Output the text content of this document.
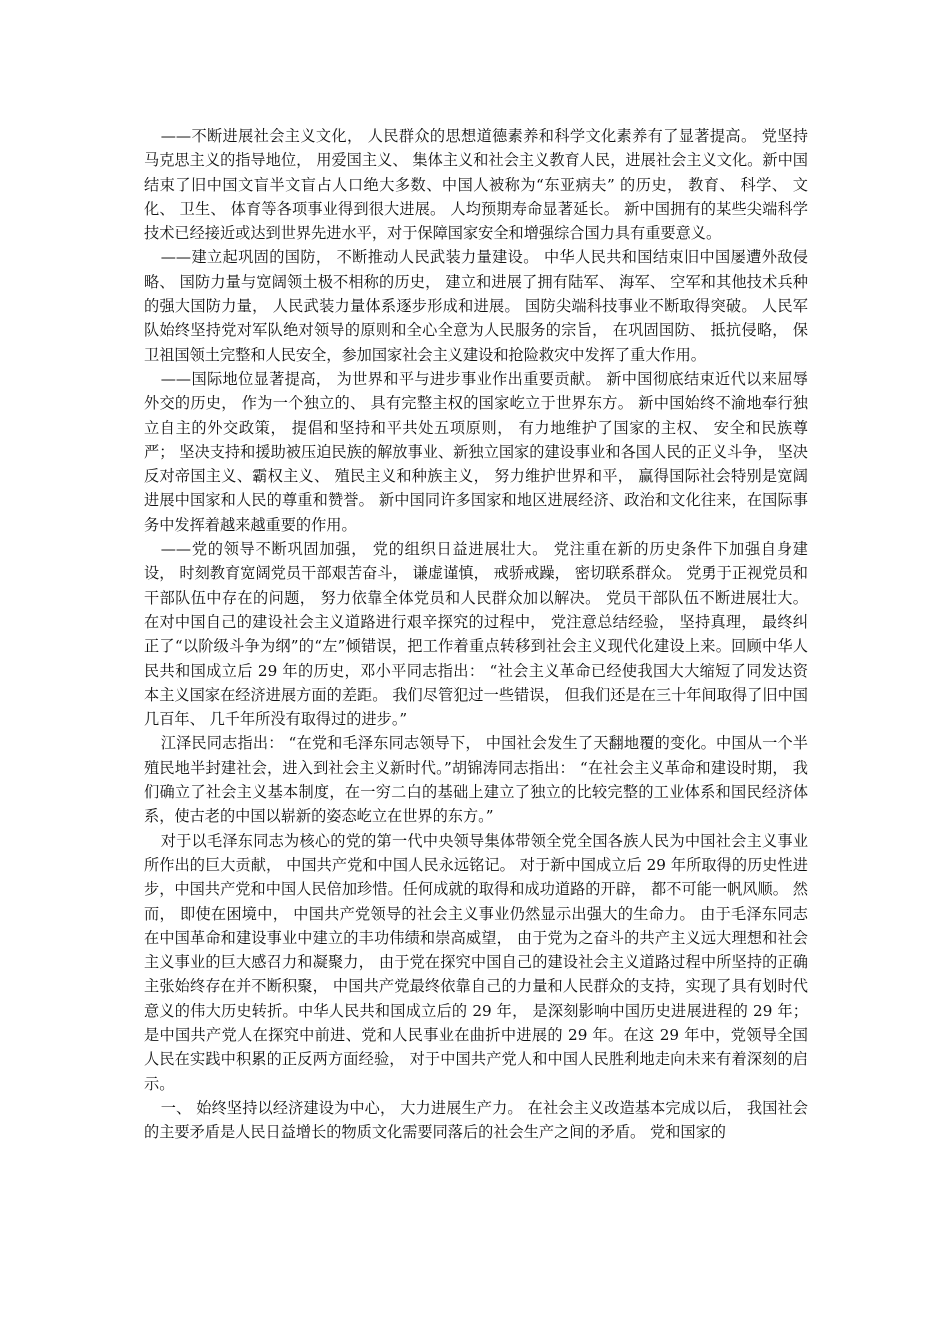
——不断进展社会主义文化， 人民群众的思想道德素养和科学文化素养有了显著提高。 党坚持马克思主义的指导地位， 用爱国主义、 集体主义和社会主义教育人民，进展社会主义文化。新中国结束了旧中国文盲半文盲占人口绝大多数、中国人被称为“东亚病夫” 的历史， 教育、 科学、 文化、 卫生、 体育等各项事业得到很大进展。 人均预期寿命显著延长。 新中国拥有的某些尖端科学技术已经接近或达到世界先进水平，对于保障国家安全和增强综合国力具有重要意义。

——建立起巩固的国防， 不断推动人民武装力量建设。 中华人民共和国结束旧中国屡遭外敌侵略、 国防力量与宽阔领土极不相称的历史， 建立和进展了拥有陆军、 海军、 空军和其他技术兵种的强大国防力量， 人民武装力量体系逐步形成和进展。 国防尖端科技事业不断取得突破。 人民军队始终坚持党对军队绝对领导的原则和全心全意为人民服务的宗旨， 在巩固国防、 抵抗侵略， 保卫祖国领土完整和人民安全，参加国家社会主义建设和抢险救灾中发挥了重大作用。

——国际地位显著提高， 为世界和平与进步事业作出重要贡献。 新中国彻底结束近代以来屈辱外交的历史， 作为一个独立的、 具有完整主权的国家屹立于世界东方。 新中国始终不渝地奉行独立自主的外交政策， 提倡和坚持和平共处五项原则， 有力地维护了国家的主权、 安全和民族尊严； 坚决支持和援助被压迫民族的解放事业、新独立国家的建设事业和各国人民的正义斗争， 坚决反对帝国主义、霸权主义、 殖民主义和种族主义， 努力维护世界和平， 赢得国际社会特别是宽阔进展中国家和人民的尊重和赞誉。 新中国同许多国家和地区进展经济、政治和文化往来，在国际事务中发挥着越来越重要的作用。

——党的领导不断巩固加强， 党的组织日益进展壮大。 党注重在新的历史条件下加强自身建设， 时刻教育宽阔党员干部艰苦奋斗， 谦虚谨慎， 戒骄戒躁， 密切联系群众。 党勇于正视党员和干部队伍中存在的问题， 努力依靠全体党员和人民群众加以解决。 党员干部队伍不断进展壮大。 在对中国自己的建设社会主义道路进行艰辛探究的过程中， 党注意总结经验， 坚持真理， 最终纠正了“以阶级斗争为纲”的“左”倾错误，把工作着重点转移到社会主义现代化建设上来。回顾中华人民共和国成立后 29 年的历史，邓小平同志指出： “社会主义革命已经使我国大大缩短了同发达资本主义国家在经济进展方面的差距。 我们尽管犯过一些错误， 但我们还是在三十年间取得了旧中国几百年、 几千年所没有取得过的进步。”

江泽民同志指出： “在党和毛泽东同志领导下， 中国社会发生了天翻地覆的变化。中国从一个半殖民地半封建社会，进入到社会主义新时代。”胡锦涛同志指出： “在社会主义革命和建设时期， 我们确立了社会主义基本制度，在一穷二白的基础上建立了独立的比较完整的工业体系和国民经济体系，使古老的中国以崭新的姿态屹立在世界的东方。”

对于以毛泽东同志为核心的党的第一代中央领导集体带领全党全国各族人民为中国社会主义事业所作出的巨大贡献， 中国共产党和中国人民永远铭记。 对于新中国成立后 29 年所取得的历史性进步，中国共产党和中国人民倍加珍惜。任何成就的取得和成功道路的开辟， 都不可能一帆风顺。 然而， 即使在困境中， 中国共产党领导的社会主义事业仍然显示出强大的生命力。 由于毛泽东同志在中国革命和建设事业中建立的丰功伟绩和崇高威望， 由于党为之奋斗的共产主义远大理想和社会主义事业的巨大感召力和凝聚力， 由于党在探究中国自己的建设社会主义道路过程中所坚持的正确主张始终存在并不断积聚， 中国共产党最终依靠自己的力量和人民群众的支持，实现了具有划时代意义的伟大历史转折。中华人民共和国成立后的 29 年， 是深刻影响中国历史进展进程的 29 年； 是中国共产党人在探究中前进、党和人民事业在曲折中进展的 29 年。在这 29 年中，党领导全国人民在实践中积累的正反两方面经验， 对于中国共产党人和中国人民胜利地走向未来有着深刻的启示。

一、 始终坚持以经济建设为中心， 大力进展生产力。 在社会主义改造基本完成以后， 我国社会的主要矛盾是人民日益增长的物质文化需要同落后的社会生产之间的矛盾。 党和国家的
